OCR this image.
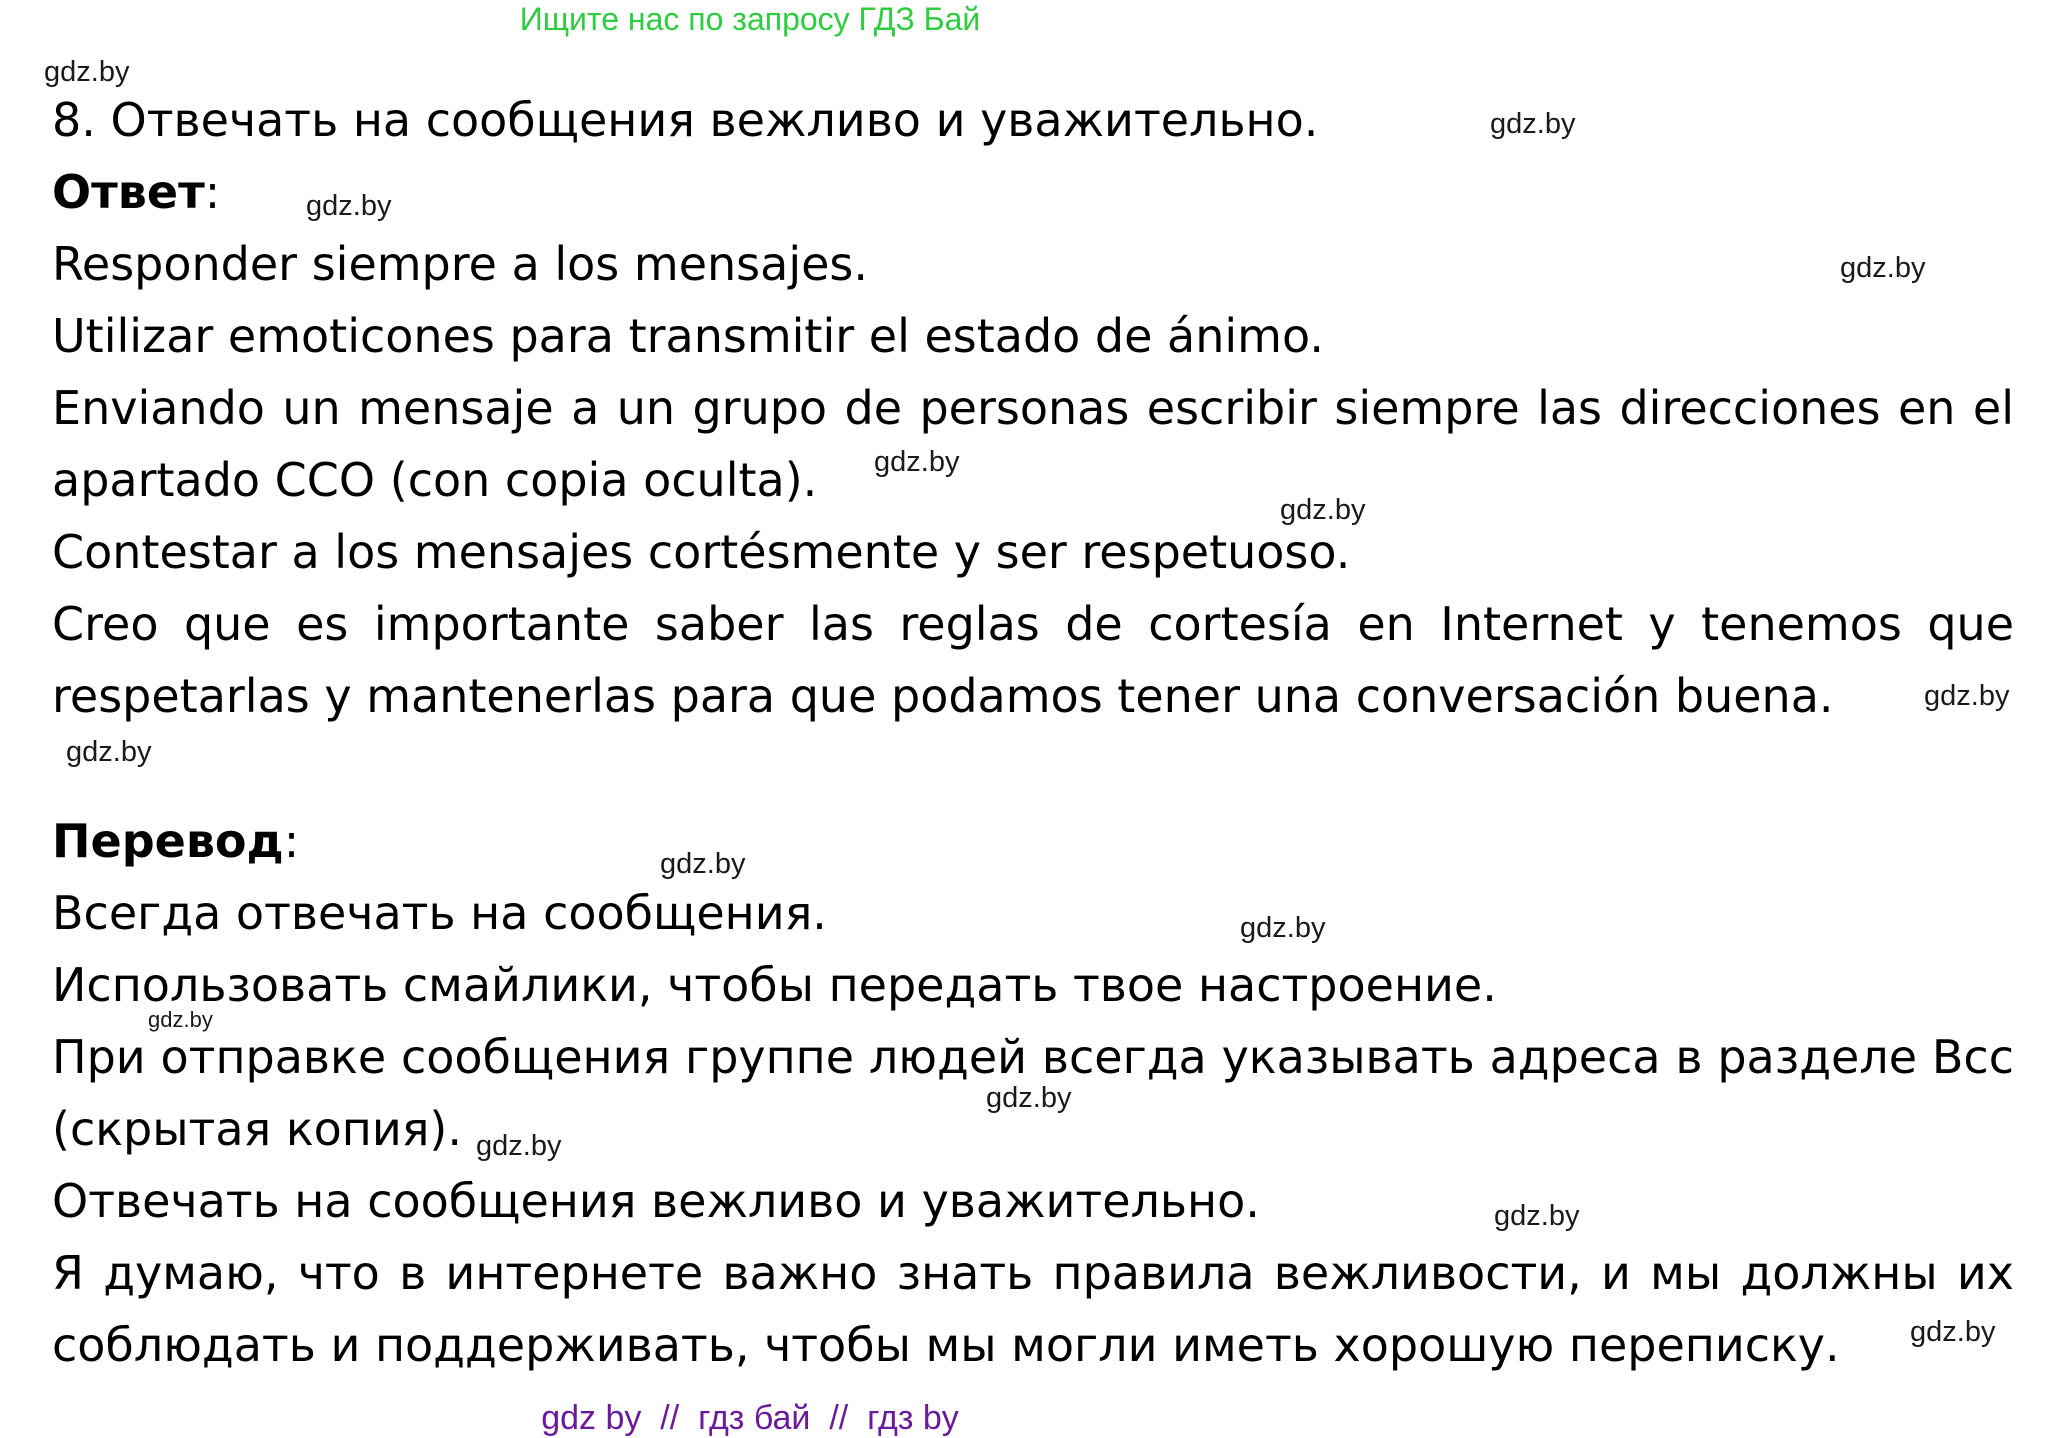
Ищите нас по запросу ГДЗ Бай
8. Отвечать на сообщения вежливо и уважительно.
Ответ:
Responder siempre a los mensajes.
Utilizar emoticones para transmitir el estado de ánimo.
Enviando un mensaje a un grupo de personas escribir siempre las direcciones en el
apartado CCO (con copia oculta).
Contestar a los mensajes cortésmente y ser respetuoso.
Creo que es importante saber las reglas de cortesía en Internet y tenemos que
respetarlas y mantenerlas para que podamos tener una conversación buena.
Перевод:
Всегда отвечать на сообщения.
Использовать смайлики, чтобы передать твое настроение.
При отправке сообщения группе людей всегда указывать адреса в разделе Bcc
(скрытая копия).
Отвечать на сообщения вежливо и уважительно.
Я думаю, что в интернете важно знать правила вежливости, и мы должны их
соблюдать и поддерживать, чтобы мы могли иметь хорошую переписку.
gdz.by
gdz.by
gdz.by
gdz.by
gdz.by
gdz.by
gdz.by
gdz.by
gdz.by
gdz.by
gdz.by
gdz.by
gdz.by
gdz.by
gdz.by
gdz by  //  гдз бай  //  гдз by
